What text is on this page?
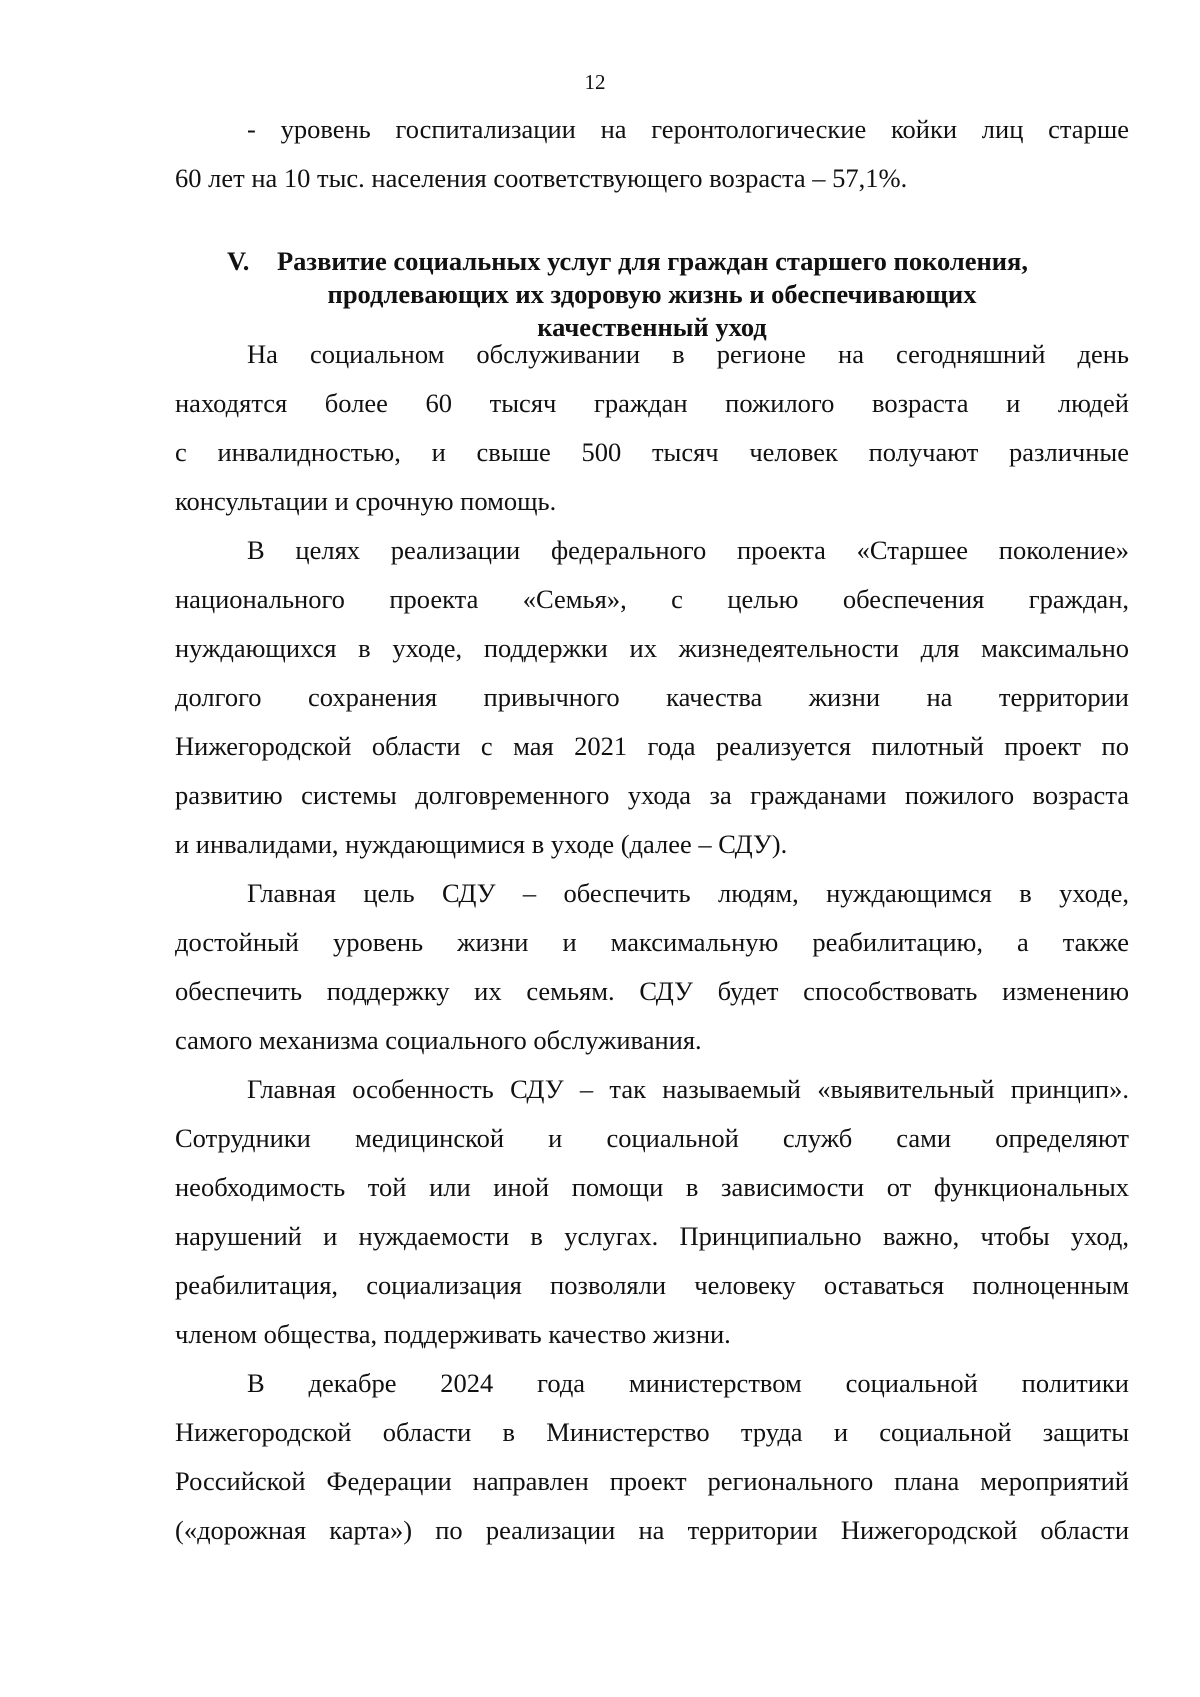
12
- уровень госпитализации на геронтологические койки лиц старше
60 лет на 10 тыс. населения соответствующего возраста – 57,1%.
V.	Развитие социальных услуг для граждан старшего поколения,
продлевающих их здоровую жизнь и обеспечивающих
качественный уход
На социальном обслуживании в регионе на сегодняшний день
находятся более 60 тысяч граждан пожилого возраста и людей
с инвалидностью, и свыше 500 тысяч человек получают различные
консультации и срочную помощь.
В целях реализации федерального проекта «Старшее поколение»
национального проекта «Семья», с целью обеспечения граждан,
нуждающихся в уходе, поддержки их жизнедеятельности для максимально
долгого сохранения привычного качества жизни на территории
Нижегородской области с мая 2021 года реализуется пилотный проект по
развитию системы долговременного ухода за гражданами пожилого возраста
и инвалидами, нуждающимися в уходе (далее – СДУ).
Главная цель СДУ – обеспечить людям, нуждающимся в уходе,
достойный уровень жизни и максимальную реабилитацию, а также
обеспечить поддержку их семьям. СДУ будет способствовать изменению
самого механизма социального обслуживания.
Главная особенность СДУ – так называемый «выявительный принцип».
Сотрудники медицинской и социальной служб сами определяют
необходимость той или иной помощи в зависимости от функциональных
нарушений и нуждаемости в услугах. Принципиально важно, чтобы уход,
реабилитация, социализация позволяли человеку оставаться полноценным
членом общества, поддерживать качество жизни.
В декабре 2024 года министерством социальной политики
Нижегородской области в Министерство труда и социальной защиты
Российской Федерации направлен проект регионального плана мероприятий
(«дорожная карта») по реализации на территории Нижегородской области
